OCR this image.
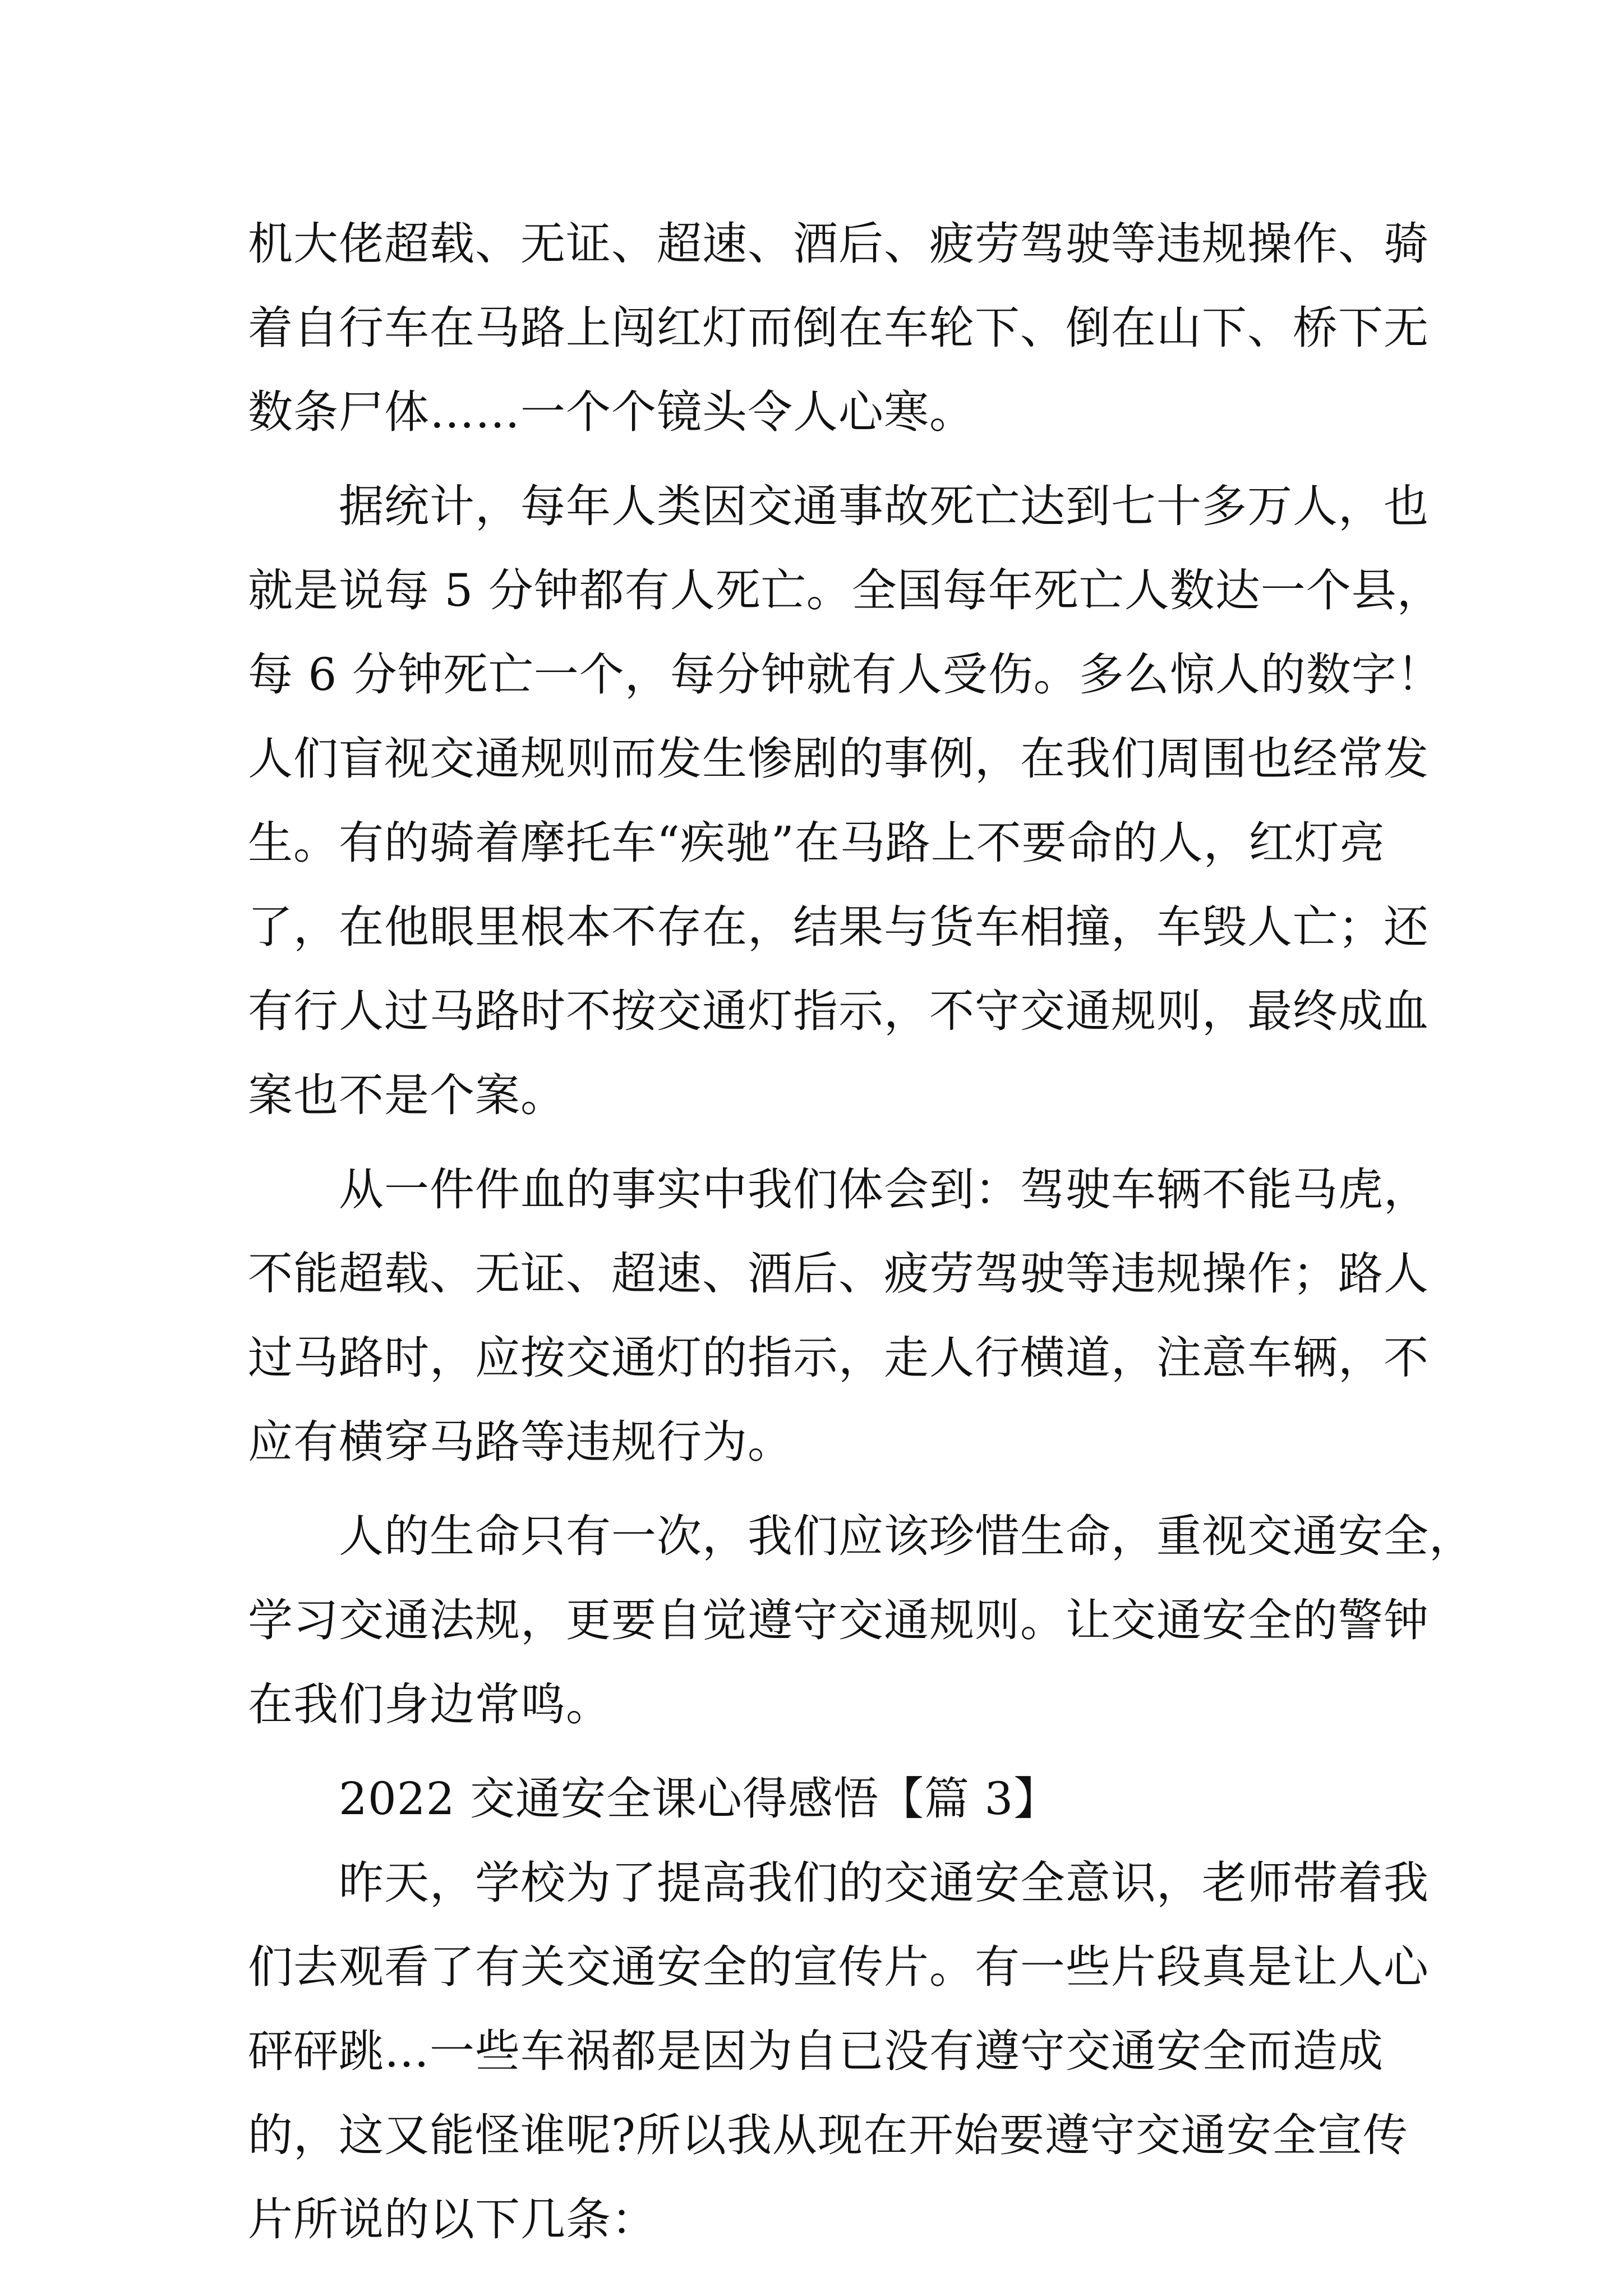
机大佬超载、无证、超速、酒后、疲劳驾驶等违规操作、骑
着自行车在马路上闯红灯而倒在车轮下、倒在山下、桥下无
数条尸体……一个个镜头令人心寒。
　　据统计，每年人类因交通事故死亡达到七十多万人，也
就是说每 5 分钟都有人死亡。全国每年死亡人数达一个县，
每 6 分钟死亡一个，每分钟就有人受伤。多么惊人的数字！
人们盲视交通规则而发生惨剧的事例，在我们周围也经常发
生。有的骑着摩托车“疾驰”在马路上不要命的人，红灯亮
了，在他眼里根本不存在，结果与货车相撞，车毁人亡；还
有行人过马路时不按交通灯指示，不守交通规则，最终成血
案也不是个案。
　　从一件件血的事实中我们体会到：驾驶车辆不能马虎，
不能超载、无证、超速、酒后、疲劳驾驶等违规操作；路人
过马路时，应按交通灯的指示，走人行横道，注意车辆，不
应有横穿马路等违规行为。
　　人的生命只有一次，我们应该珍惜生命，重视交通安全，
学习交通法规，更要自觉遵守交通规则。让交通安全的警钟
在我们身边常鸣。
　　2022 交通安全课心得感悟【篇 3】
　　昨天，学校为了提高我们的交通安全意识，老师带着我
们去观看了有关交通安全的宣传片。有一些片段真是让人心
砰砰跳…一些车祸都是因为自已没有遵守交通安全而造成
的，这又能怪谁呢?所以我从现在开始要遵守交通安全宣传
片所说的以下几条：
